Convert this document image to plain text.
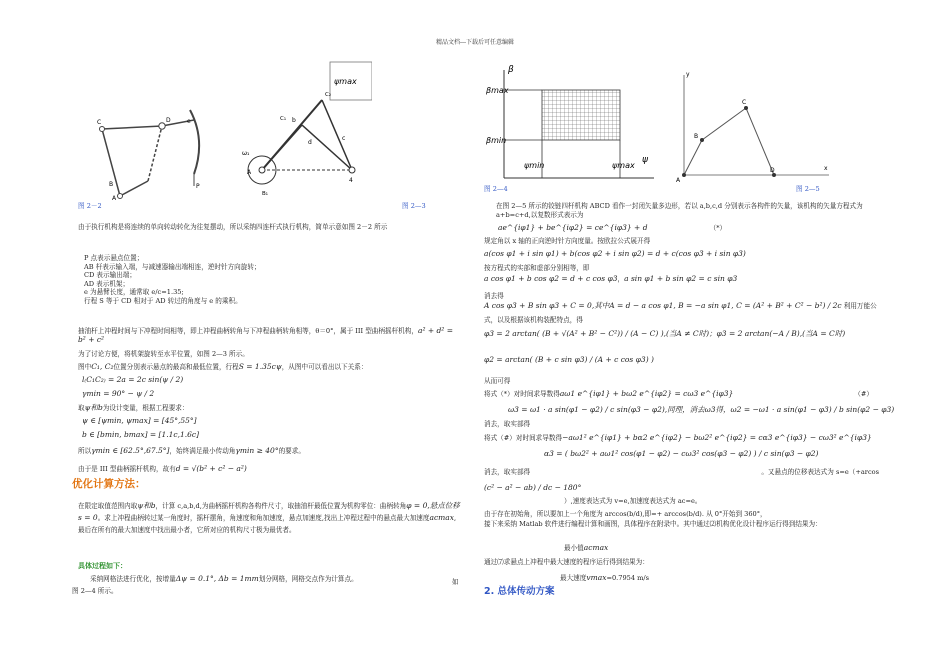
精品文档---下载后可任意编辑
C	D
B
A
P
e
ψmax
C₁
C₂
d
b
c
B₁
4
ω₁
A
图 2－2	图 2—3

由于执行机构是将连续的单向转动转化为往复摆动，所以采纳四连杆式执行机构，简单示意如图 2－2 所示

P 点表示悬点位置；

AB 杆表示输入端，与减速器输出端相连，逆时针方向旋转；

CD 表示输出端；

AD 表示机架；

e 为悬臂长度，通常取 e/c=1.35;

行程 S 等于 CD 相对于 AD 转过的角度与 e 的乘积。

抽油杆上冲程时间与下冲程时间相等，即上冲程曲柄转角与下冲程曲柄转角相等，θ＝0°，属于 III 型曲柄摇杆机构，a² + d² = b² + c²

为了讨论方便，将机架旋转至水平位置，如图 2—3 所示。

图中C₁, C₂位置分别表示悬点的最高和最低位置，行程S = 1.35cψ，从图中可以看出以下关系：

l₍C₁C₂₎ = 2a = 2c sin(ψ / 2)

γmin = 90° − ψ / 2

取ψ和b为设计变量，根据工程要求：

ψ ∈ [ψmin, ψmax] = [45°,55°]

b ∈ [bmin, bmax] = [1.1c,1.6c]

所以γmin ∈ [62.5°,67.5°]，始终满足最小传动角γmin ≥ 40°的要求。

由于是 III 型曲柄摇杆机构，故有d = √(b² + c² − a²)

优化计算方法：

在限定取值范围内取ψ和b，计算 c,a,b,d,为曲柄摇杆机构各构件尺寸，取抽油杆最低位置为机构零位：曲柄转角φ = 0,悬点位移s = 0。求上冲程曲柄转过某一角度时，摇杆摆角，角速度和角加速度，悬点加速度,找出上冲程过程中的悬点最大加速度acmax,最后在所有的最大加速度中找出最小者，它所对应的机构尺寸极为最优者。

具体过程如下：

采纳网格法进行优化，按增量Δψ = 0.1°, Δb = 1mm划分网格，网格交点作为计算点。	如

图 2—4 所示。

β
βmax
βmin
ψ
ψmin	ψmax
y
x
A
B
C
D
图 2—4	图 2—5

在图 2—5 所示的铰链四杆机构 ABCD 看作一封闭矢量多边形，若以 a,b,c,d 分别表示各构件的矢量，该机构的矢量方程式为 a+b=c+d,以复数形式表示为

ae^{iφ1} + be^{iφ2} = ce^{iφ3} + d	（*）

规定角以 x 轴的正向逆时针方向度量。按欧拉公式展开得

a(cos φ1 + i sin φ1) + b(cos φ2 + i sin φ2) = d + c(cos φ3 + i sin φ3)

按方程式的实部和虚部分别相等，即

a cos φ1 + b cos φ2 = d + c cos φ3，a sin φ1 + b sin φ2 = c sin φ3

消去得

A cos φ3 + B sin φ3 + C = 0,其中A = d − a cos φ1, B = −a sin φ1, C = (A² + B² + C² − b²) / 2c 利用万能公

式，以及根据该机构装配特点，得

φ3 = 2 arctan( (B + √(A² + B² − C²)) / (A − C) ),(当A ≠ C时)；φ3 = 2 arctan(−A / B),(当A = C时)

φ2 = arctan( (B + c sin φ3) / (A + c cos φ3) )

从而可得

将式（*）对时间求导数得aω1 e^{iφ1} + bω2 e^{iφ2} = cω3 e^{iφ3}	（#）

ω3 = ω1 · a sin(φ1 − φ2) / c sin(φ3 − φ2),同理，消去ω3得，ω2 = −ω1 · a sin(φ1 − φ3) / b sin(φ2 − φ3)

消去，取实部得

将式（#）对时间求导数得−aω1² e^{iφ1} + bα2 e^{iφ2} − bω2² e^{iφ2} = cα3 e^{iφ3} − cω3² e^{iφ3}

α3 = ( bω2² + aω1² cos(φ1 − φ2) − cω3² cos(φ3 − φ2) ) / c sin(φ3 − φ2)

消去，取实部得	。又悬点的位移表达式为 s=e（+arcos

(c² − a² − ab) / dc − 180°

）,速度表达式为 v=e,加速度表达式为 ac=e。

由于存在初始角，所以要加上一个角度为 arccos(b/d),即=+ arccos(b/d). 从 0°开始到 360°，

接下来采纳 Matlab 软件进行编程计算和画图，具体程序在附录中。其中通过⑵机构优化设计程序运行得到结果为：

最小值acmax

通过⑺求悬点上冲程中最大速度的程序运行得到结果为：

最大速度vmax=0.7954 m/s

2. 总体传动方案
